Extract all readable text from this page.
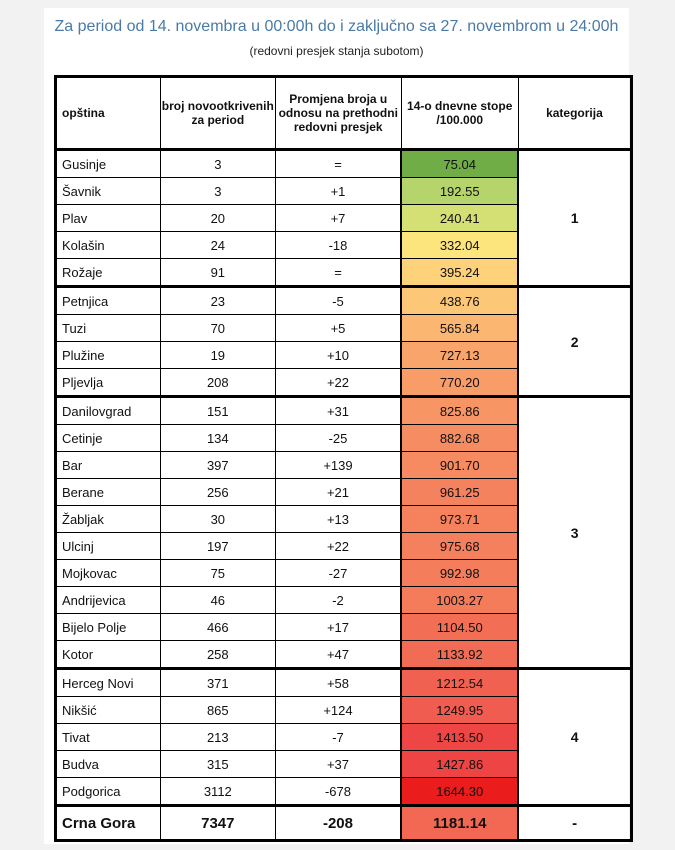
Za period od 14. novembra u 00:00h do i zaključno sa 27. novembrom u 24:00h
(redovni presjek stanja subotom)
opština	broj novootkrivenih za period	Promjena broja u odnosu na prethodni redovni presjek	14-o dnevne stope /100.000	kategorija
Gusinje	3	=	75.04	1
Šavnik	3	+1	192.55	
Plav	20	+7	240.41	
Kolašin	24	-18	332.04	
Rožaje	91	=	395.24	
Petnjica	23	-5	438.76	2
Tuzi	70	+5	565.84	
Plužine	19	+10	727.13	
Pljevlja	208	+22	770.20	
Danilovgrad	151	+31	825.86	3
Cetinje	134	-25	882.68	
Bar	397	+139	901.70	
Berane	256	+21	961.25	
Žabljak	30	+13	973.71	
Ulcinj	197	+22	975.68	
Mojkovac	75	-27	992.98	
Andrijevica	46	-2	1003.27	
Bijelo Polje	466	+17	1104.50	
Kotor	258	+47	1133.92	
Herceg Novi	371	+58	1212.54	4
Nikšić	865	+124	1249.95	
Tivat	213	-7	1413.50	
Budva	315	+37	1427.86	
Podgorica	3112	-678	1644.30	
Crna Gora	7347	-208	1181.14	-
